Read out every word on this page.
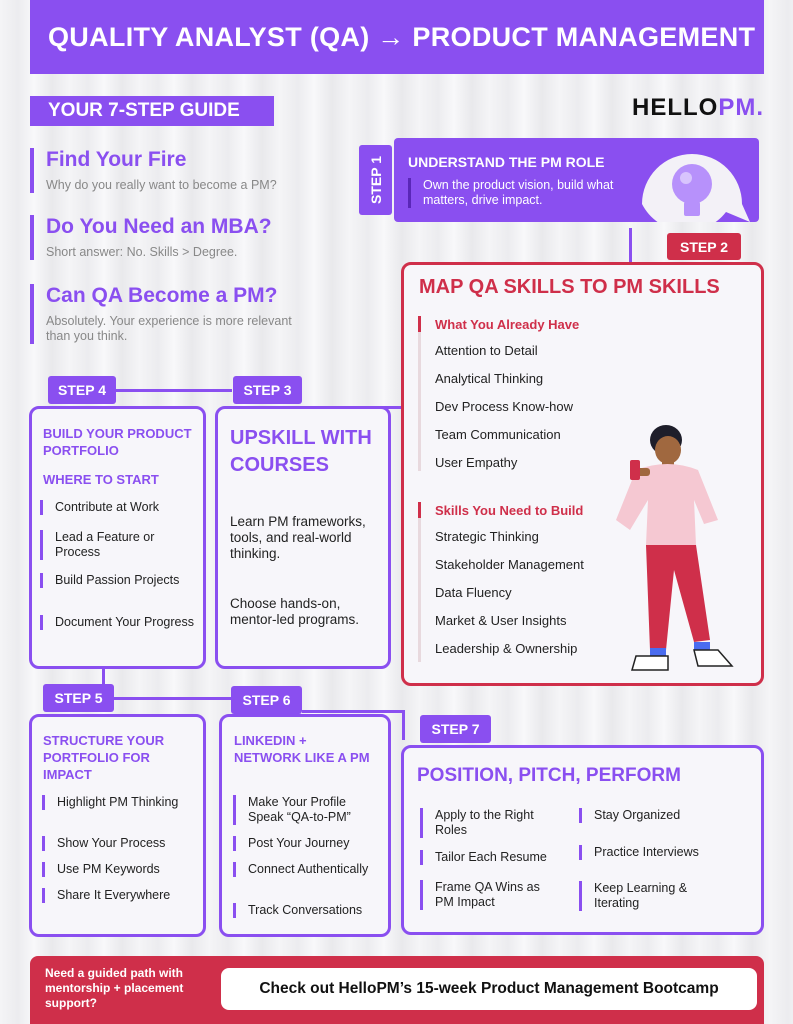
QUALITY ANALYST (QA) → PRODUCT MANAGEMENT
YOUR 7-STEP GUIDE	HELLOPM.
Find Your Fire
Why do you really want to become a PM?
Do You Need an MBA?
Short answer: No. Skills > Degree.
Can QA Become a PM?
Absolutely. Your experience is more relevant than you think.
STEP 1 UNDERSTAND THE PM ROLE
Own the product vision, build what matters, drive impact.
STEP 2
MAP QA SKILLS TO PM SKILLS
What You Already Have
Attention to Detail
Analytical Thinking
Dev Process Know-how
Team Communication
User Empathy
Skills You Need to Build
Strategic Thinking
Stakeholder Management
Data Fluency
Market & User Insights
Leadership & Ownership
STEP 4
BUILD YOUR PRODUCT PORTFOLIO
WHERE TO START
Contribute at Work
Lead a Feature or Process
Build Passion Projects
Document Your Progress
STEP 3
UPSKILL WITH COURSES
Learn PM frameworks, tools, and real-world thinking.
Choose hands-on, mentor-led programs.
STEP 5
STRUCTURE YOUR PORTFOLIO FOR IMPACT
Highlight PM Thinking
Show Your Process
Use PM Keywords
Share It Everywhere
STEP 6
LINKEDIN + NETWORK LIKE A PM
Make Your Profile Speak “QA-to-PM”
Post Your Journey
Connect Authentically
Track Conversations
STEP 7
POSITION, PITCH, PERFORM
Apply to the Right Roles
Tailor Each Resume
Frame QA Wins as PM Impact
Stay Organized
Practice Interviews
Keep Learning & Iterating
Need a guided path with mentorship + placement support?
Check out HelloPM’s 15-week Product Management Bootcamp
